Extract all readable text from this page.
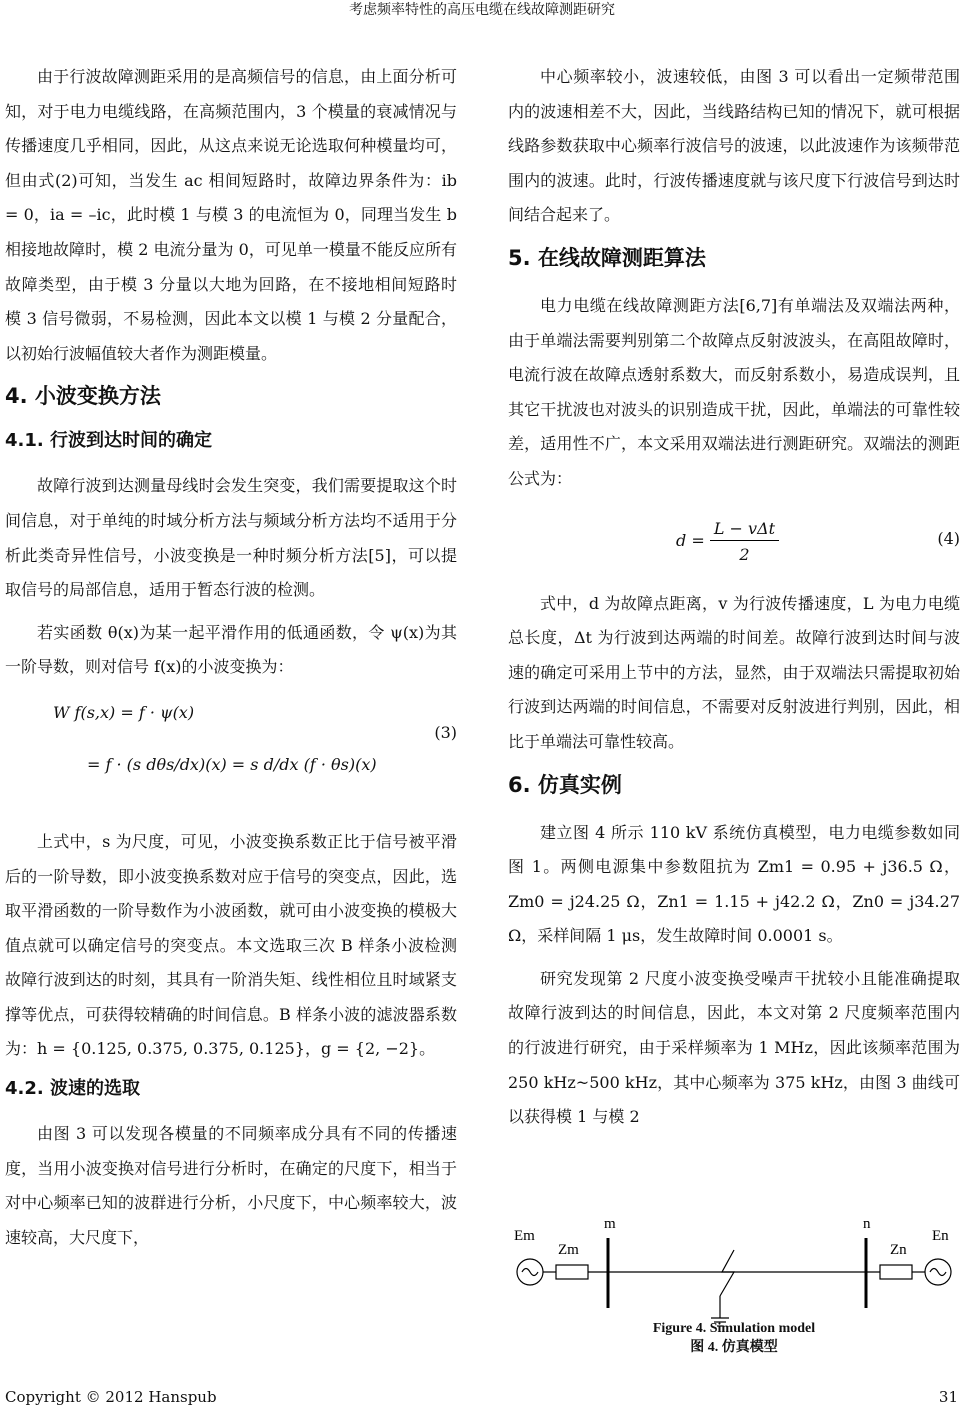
考虑频率特性的高压电缆在线故障测距研究

由于行波故障测距采用的是高频信号的信息，由上面分析可知，对于电力电缆线路，在高频范围内，3 个模量的衰减情况与传播速度几乎相同，因此，从这点来说无论选取何种模量均可，但由式(2)可知，当发生 ac 相间短路时，故障边界条件为：ib = 0，ia = –ic，此时模 1 与模 3 的电流恒为 0，同理当发生 b 相接地故障时，模 2 电流分量为 0，可见单一模量不能反应所有故障类型，由于模 3 分量以大地为回路，在不接地相间短路时模 3 信号微弱，不易检测，因此本文以模 1 与模 2 分量配合，以初始行波幅值较大者作为测距模量。

4. 小波变换方法
4.1. 行波到达时间的确定

故障行波到达测量母线时会发生突变，我们需要提取这个时间信息，对于单纯的时域分析方法与频域分析方法均不适用于分析此类奇异性信号，小波变换是一种时频分析方法[5]，可以提取信号的局部信息，适用于暂态行波的检测。

若实函数 θ(x)为某一起平滑作用的低通函数，令 ψ(x)为其一阶导数，则对信号 f(x)的小波变换为：

W f(s,x) = f · ψ(x)
= f · (s dθs/dx)(x) = s d/dx (f · θs)(x)
(3)

上式中，s 为尺度，可见，小波变换系数正比于信号被平滑后的一阶导数，即小波变换系数对应于信号的突变点，因此，选取平滑函数的一阶导数作为小波函数，就可由小波变换的模极大值点就可以确定信号的突变点。本文选取三次 B 样条小波检测故障行波到达的时刻，其具有一阶消失矩、线性相位且时域紧支撑等优点，可获得较精确的时间信息。B 样条小波的滤波器系数为：h = {0.125, 0.375, 0.375, 0.125}，g = {2, −2}。

4.2. 波速的选取

由图 3 可以发现各模量的不同频率成分具有不同的传播速度，当用小波变换对信号进行分析时，在确定的尺度下，相当于对中心频率已知的波群进行分析，小尺度下，中心频率较大，波速较高，大尺度下，

中心频率较小，波速较低，由图 3 可以看出一定频带范围内的波速相差不大，因此，当线路结构已知的情况下，就可根据线路参数获取中心频率行波信号的波速，以此波速作为该频带范围内的波速。此时，行波传播速度就与该尺度下行波信号到达时间结合起来了。

5. 在线故障测距算法

电力电缆在线故障测距方法[6,7]有单端法及双端法两种，由于单端法需要判别第二个故障点反射波波头，在高阻故障时，电流行波在故障点透射系数大，而反射系数小，易造成误判，且其它干扰波也对波头的识别造成干扰，因此，单端法的可靠性较差，适用性不广，本文采用双端法进行测距研究。双端法的测距公式为：

$d = \frac{\text{L − vΔt}}{2}$	(4)

式中，d 为故障点距离，v 为行波传播速度，L 为电力电缆总长度，Δt 为行波到达两端的时间差。故障行波到达时间与波速的确定可采用上节中的方法，显然，由于双端法只需提取初始行波到达两端的时间信息，不需要对反射波进行判别，因此，相比于单端法可靠性较高。

6. 仿真实例

建立图 4 所示 110 kV 系统仿真模型，电力电缆参数如同图 1。两侧电源集中参数阻抗为 Zm1 = 0.95 + j36.5 Ω，Zm0 = j24.25 Ω，Zn1 = 1.15 + j42.2 Ω，Zn0 = j34.27 Ω，采样间隔 1 μs，发生故障时间 0.0001 s。

研究发现第 2 尺度小波变换受噪声干扰较小且能准确提取故障行波到达的时间信息，因此，本文对第 2 尺度频率范围内的行波进行研究，由于采样频率为 1 MHz，因此该频率范围为 250 kHz~500 kHz，其中心频率为 375 kHz，由图 3 曲线可以获得模 1 与模 2

m	n
Em	En
Zm	Zn
Figure 4. Simulation model
图 4. 仿真模型
Copyright © 2012 Hanspub	31
